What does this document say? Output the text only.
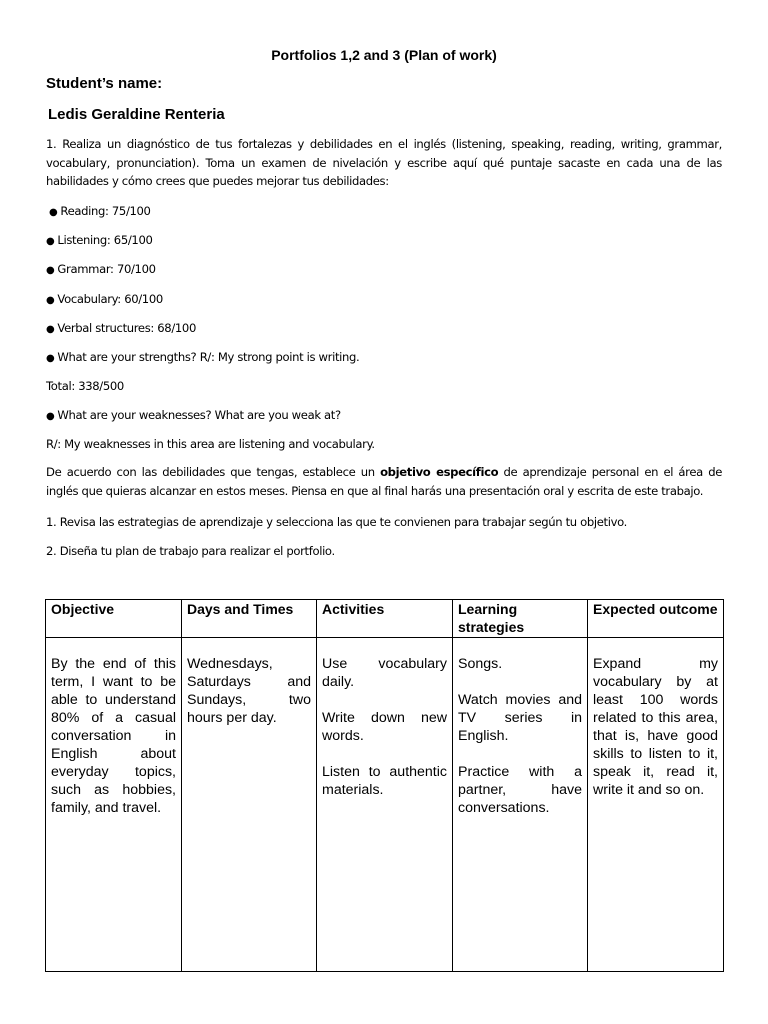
Portfolios 1,2 and 3 (Plan of work)
Student’s name:
Ledis Geraldine Renteria
1. Realiza un diagnóstico de tus fortalezas y debilidades en el inglés (listening, speaking, reading, writing, grammar, vocabulary, pronunciation). Toma un examen de nivelación y escribe aquí qué puntaje sacaste en cada una de las habilidades y cómo crees que puedes mejorar tus debilidades:
● Reading: 75/100
● Listening: 65/100
● Grammar: 70/100
● Vocabulary: 60/100
● Verbal structures: 68/100
● What are your strengths? R/: My strong point is writing.
Total: 338/500
● What are your weaknesses? What are you weak at?
R/: My weaknesses in this area are listening and vocabulary.
De acuerdo con las debilidades que tengas, establece un objetivo específico de aprendizaje personal en el área de inglés que quieras alcanzar en estos meses. Piensa en que al final harás una presentación oral y escrita de este trabajo.
1. Revisa las estrategias de aprendizaje y selecciona las que te convienen para trabajar según tu objetivo.
2. Diseña tu plan de trabajo para realizar el portfolio.
Objective	Days and Times	Activities	Learning strategies	Expected outcome
By the end of this term, I want to be able to understand 80% of a casual conversation in English about everyday topics, such as hobbies, family, and travel.	Wednesdays, Saturdays and Sundays, two hours per day.	Use vocabulary daily.
Write down new words.
Listen to authentic materials.	Songs.
Watch movies and TV series in English.
Practice with a partner, have conversations.	Expand my vocabulary by at least 100 words related to this area, that is, have good skills to listen to it, speak it, read it, write it and so on.
